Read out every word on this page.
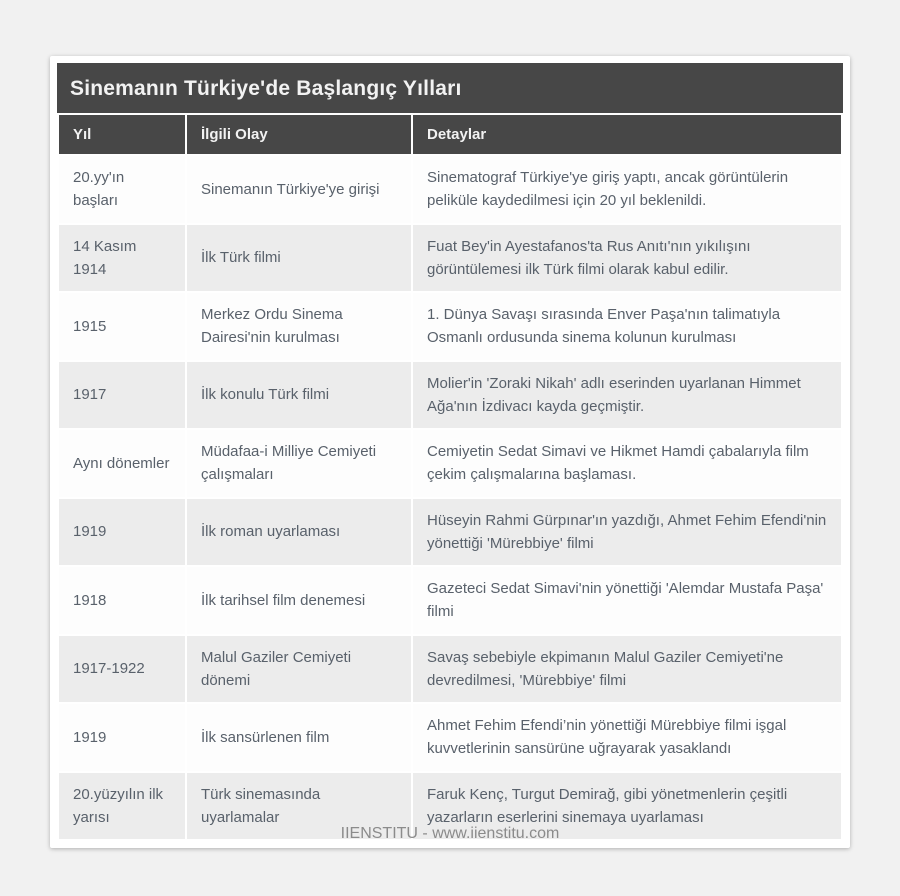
Sinemanın Türkiye'de Başlangıç Yılları
Yıl	İlgili Olay	Detaylar
20.yy'ın başları	Sinemanın Türkiye'ye girişi	Sinematograf Türkiye'ye giriş yaptı, ancak görüntülerin peliküle kaydedilmesi için 20 yıl beklenildi.
14 Kasım 1914	İlk Türk filmi	Fuat Bey'in Ayestafanos'ta Rus Anıtı'nın yıkılışını görüntülemesi ilk Türk filmi olarak kabul edilir.
1915	Merkez Ordu Sinema Dairesi'nin kurulması	1. Dünya Savaşı sırasında Enver Paşa'nın talimatıyla Osmanlı ordusunda sinema kolunun kurulması
1917	İlk konulu Türk filmi	Molier'in 'Zoraki Nikah' adlı eserinden uyarlanan Himmet Ağa'nın İzdivacı kayda geçmiştir.
Aynı dönemler	Müdafaa-i Milliye Cemiyeti çalışmaları	Cemiyetin Sedat Simavi ve Hikmet Hamdi çabalarıyla film çekim çalışmalarına başlaması.
1919	İlk roman uyarlaması	Hüseyin Rahmi Gürpınar'ın yazdığı, Ahmet Fehim Efendi'nin yönettiği 'Mürebbiye' filmi
1918	İlk tarihsel film denemesi	Gazeteci Sedat Simavi'nin yönettiği 'Alemdar Mustafa Paşa' filmi
1917-1922	Malul Gaziler Cemiyeti dönemi	Savaş sebebiyle ekpimanın Malul Gaziler Cemiyeti'ne devredilmesi, 'Mürebbiye' filmi
1919	İlk sansürlenen film	Ahmet Fehim Efendi’nin yönettiği Mürebbiye filmi işgal kuvvetlerinin sansürüne uğrayarak yasaklandı
20.yüzyılın ilk yarısı	Türk sinemasında uyarlamalar	Faruk Kenç, Turgut Demirağ, gibi yönetmenlerin çeşitli yazarların eserlerini sinemaya uyarlaması
IIENSTITU - www.iienstitu.com
